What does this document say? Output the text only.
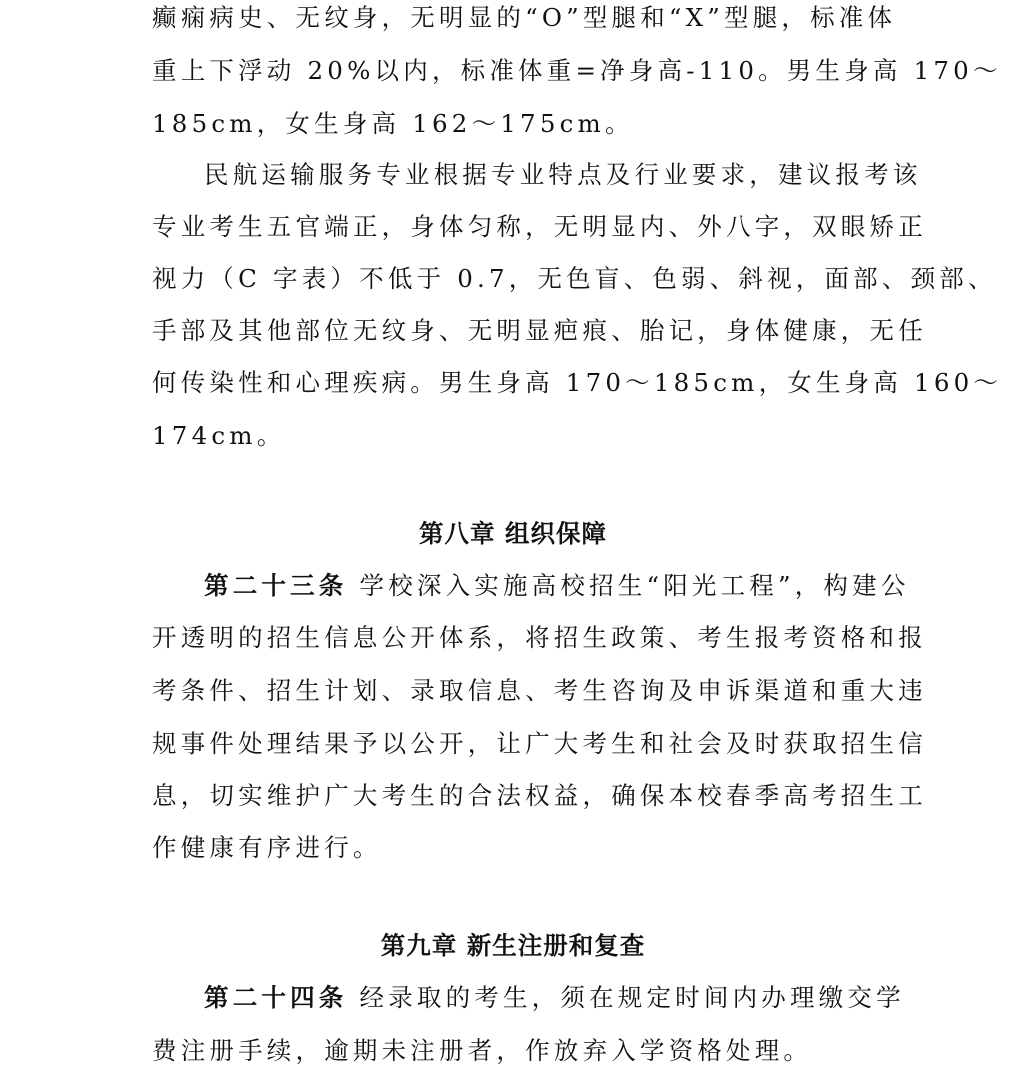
癫痫病史、无纹身，无明显的“O”型腿和“X”型腿，标准体
重上下浮动 20%以内，标准体重=净身高-110。男生身高 170～
185cm，女生身高 162～175cm。
民航运输服务专业根据专业特点及行业要求，建议报考该
专业考生五官端正，身体匀称，无明显内、外八字，双眼矫正
视力（C 字表）不低于 0.7，无色盲、色弱、斜视，面部、颈部、
手部及其他部位无纹身、无明显疤痕、胎记，身体健康，无任
何传染性和心理疾病。男生身高 170～185cm，女生身高 160～
174cm。
第八章 组织保障
第二十三条 学校深入实施高校招生“阳光工程”，构建公
开透明的招生信息公开体系，将招生政策、考生报考资格和报
考条件、招生计划、录取信息、考生咨询及申诉渠道和重大违
规事件处理结果予以公开，让广大考生和社会及时获取招生信
息，切实维护广大考生的合法权益，确保本校春季高考招生工
作健康有序进行。
第九章 新生注册和复查
第二十四条 经录取的考生，须在规定时间内办理缴交学
费注册手续，逾期未注册者，作放弃入学资格处理。
